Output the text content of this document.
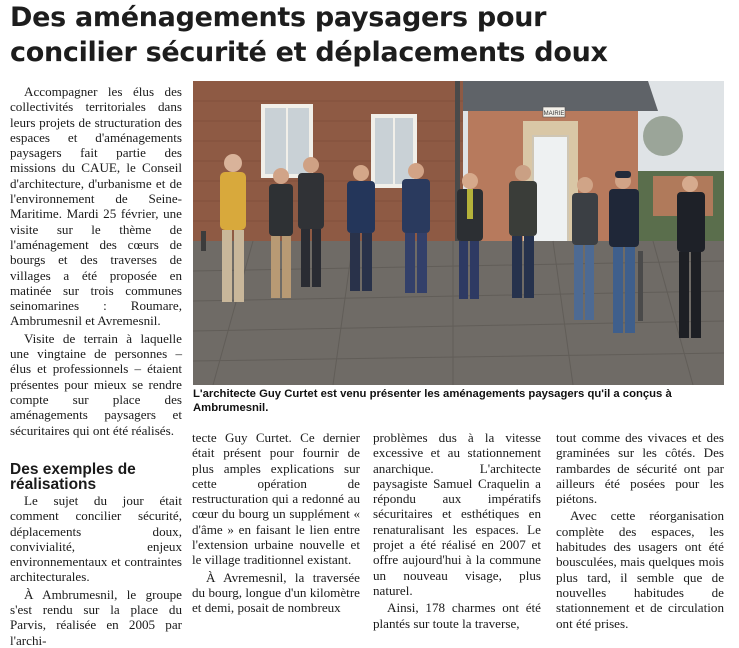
Des aménagements paysagers pour
concilier sécurité et déplacements doux

Accompagner les élus des collectivités territoriales dans leurs projets de structuration des espaces et d'aménagements paysagers fait partie des missions du CAUE, le Conseil d'architecture, d'urbanisme et de l'environnement de Seine-Maritime. Mardi 25 février, une visite sur le thème de l'aménagement des cœurs de bourgs et des traverses de villages a été proposée en matinée sur trois communes seinomarines : Roumare, Ambrumesnil et Avremesnil.

Visite de terrain à laquelle une vingtaine de personnes – élus et professionnels – étaient présentes pour mieux se rendre compte sur place des aménagements paysagers et sécuritaires qui ont été réalisés.

Des exemples de réalisations

Le sujet du jour était comment concilier sécurité, déplacements doux, convivialité, enjeux environnementaux et contraintes architecturales.

À Ambrumesnil, le groupe s'est rendu sur la place du Parvis, réalisée en 2005 par l'archi-

MAIRIE

L'architecte Guy Curtet est venu présenter les aménagements paysagers qu'il a conçus à Ambrumesnil.

tecte Guy Curtet. Ce dernier était présent pour fournir de plus amples explications sur cette opération de restructuration qui a redonné au cœur du bourg un supplément « d'âme » en faisant le lien entre l'extension urbaine nouvelle et le village traditionnel existant.

À Avremesnil, la traversée du bourg, longue d'un kilomètre et demi, posait de nombreux

problèmes dus à la vitesse excessive et au stationnement anarchique. L'architecte paysagiste Samuel Craquelin a répondu aux impératifs sécuritaires et esthétiques en renaturalisant les espaces. Le projet a été réalisé en 2007 et offre aujourd'hui à la commune un nouveau visage, plus naturel.

Ainsi, 178 charmes ont été plantés sur toute la traverse,

tout comme des vivaces et des graminées sur les côtés. Des rambardes de sécurité ont par ailleurs été posées pour les piétons.

Avec cette réorganisation complète des espaces, les habitudes des usagers ont été bousculées, mais quelques mois plus tard, il semble que de nouvelles habitudes de stationnement et de circulation ont été prises.
